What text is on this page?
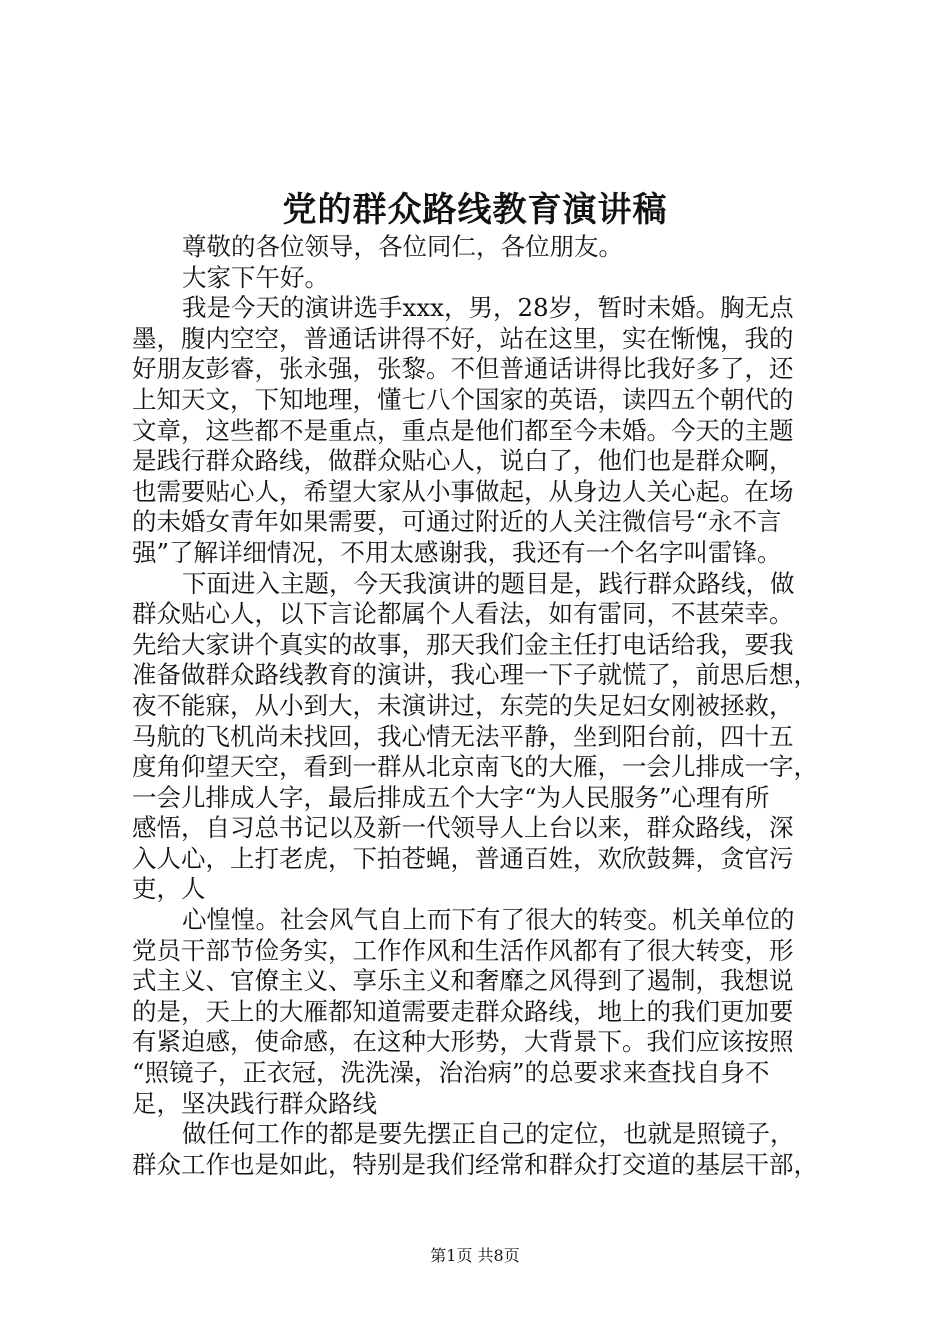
党的群众路线教育演讲稿
尊敬的各位领导，各位同仁，各位朋友。
大家下午好。
我是今天的演讲选手xxx，男，28岁，暂时未婚。胸无点
墨，腹内空空，普通话讲得不好，站在这里，实在惭愧，我的
好朋友彭睿，张永强，张黎。不但普通话讲得比我好多了，还
上知天文，下知地理，懂七八个国家的英语，读四五个朝代的
文章，这些都不是重点，重点是他们都至今未婚。今天的主题
是践行群众路线，做群众贴心人，说白了，他们也是群众啊，
也需要贴心人，希望大家从小事做起，从身边人关心起。在场
的未婚女青年如果需要，可通过附近的人关注微信号“永不言
强”了解详细情况，不用太感谢我，我还有一个名字叫雷锋。
下面进入主题，今天我演讲的题目是，践行群众路线，做
群众贴心人，以下言论都属个人看法，如有雷同，不甚荣幸。
先给大家讲个真实的故事，那天我们金主任打电话给我，要我
准备做群众路线教育的演讲，我心理一下子就慌了，前思后想，
夜不能寐，从小到大，未演讲过，东莞的失足妇女刚被拯救，
马航的飞机尚未找回，我心情无法平静，坐到阳台前，四十五
度角仰望天空，看到一群从北京南飞的大雁，一会儿排成一字，
一会儿排成人字，最后排成五个大字“为人民服务”心理有所
感悟，自习总书记以及新一代领导人上台以来，群众路线，深
入人心，上打老虎，下拍苍蝇，普通百姓，欢欣鼓舞，贪官污
吏，人
心惶惶。社会风气自上而下有了很大的转变。机关单位的
党员干部节俭务实，工作作风和生活作风都有了很大转变，形
式主义、官僚主义、享乐主义和奢靡之风得到了遏制，我想说
的是，天上的大雁都知道需要走群众路线，地上的我们更加要
有紧迫感，使命感，在这种大形势，大背景下。我们应该按照
“照镜子，正衣冠，洗洗澡，治治病”的总要求来查找自身不
足，坚决践行群众路线
做任何工作的都是要先摆正自己的定位，也就是照镜子，
群众工作也是如此，特别是我们经常和群众打交道的基层干部，
第1页 共8页
